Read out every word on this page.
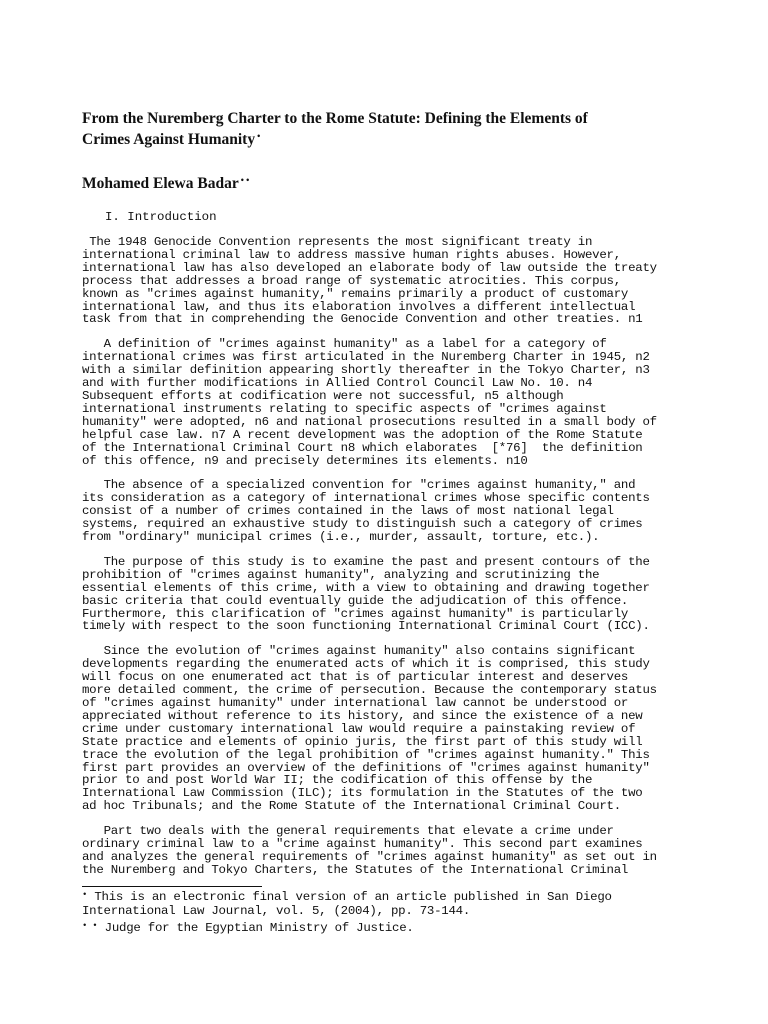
From the Nuremberg Charter to the Rome Statute: Defining the Elements of
Crimes Against Humanity •
Mohamed Elewa Badar • •
I. Introduction
The 1948 Genocide Convention represents the most significant treaty in
international criminal law to address massive human rights abuses. However,
international law has also developed an elaborate body of law outside the treaty
process that addresses a broad range of systematic atrocities. This corpus,
known as "crimes against humanity," remains primarily a product of customary
international law, and thus its elaboration involves a different intellectual
task from that in comprehending the Genocide Convention and other treaties. n1
A definition of "crimes against humanity" as a label for a category of
international crimes was first articulated in the Nuremberg Charter in 1945, n2
with a similar definition appearing shortly thereafter in the Tokyo Charter, n3
and with further modifications in Allied Control Council Law No. 10. n4
Subsequent efforts at codification were not successful, n5 although
international instruments relating to specific aspects of "crimes against
humanity" were adopted, n6 and national prosecutions resulted in a small body of
helpful case law. n7 A recent development was the adoption of the Rome Statute
of the International Criminal Court n8 which elaborates  [*76]  the definition
of this offence, n9 and precisely determines its elements. n10
The absence of a specialized convention for "crimes against humanity," and
its consideration as a category of international crimes whose specific contents
consist of a number of crimes contained in the laws of most national legal
systems, required an exhaustive study to distinguish such a category of crimes
from "ordinary" municipal crimes (i.e., murder, assault, torture, etc.).
The purpose of this study is to examine the past and present contours of the
prohibition of "crimes against humanity", analyzing and scrutinizing the
essential elements of this crime, with a view to obtaining and drawing together
basic criteria that could eventually guide the adjudication of this offence.
Furthermore, this clarification of "crimes against humanity" is particularly
timely with respect to the soon functioning International Criminal Court (ICC).
Since the evolution of "crimes against humanity" also contains significant
developments regarding the enumerated acts of which it is comprised, this study
will focus on one enumerated act that is of particular interest and deserves
more detailed comment, the crime of persecution. Because the contemporary status
of "crimes against humanity" under international law cannot be understood or
appreciated without reference to its history, and since the existence of a new
crime under customary international law would require a painstaking review of
State practice and elements of opinio juris, the first part of this study will
trace the evolution of the legal prohibition of "crimes against humanity." This
first part provides an overview of the definitions of "crimes against humanity"
prior to and post World War II; the codification of this offense by the
International Law Commission (ILC); its formulation in the Statutes of the two
ad hoc Tribunals; and the Rome Statute of the International Criminal Court.
Part two deals with the general requirements that elevate a crime under
ordinary criminal law to a "crime against humanity". This second part examines
and analyzes the general requirements of "crimes against humanity" as set out in
the Nuremberg and Tokyo Charters, the Statutes of the International Criminal
• This is an electronic final version of an article published in San Diego
International Law Journal, vol. 5, (2004), pp. 73-144.
• • Judge for the Egyptian Ministry of Justice.
